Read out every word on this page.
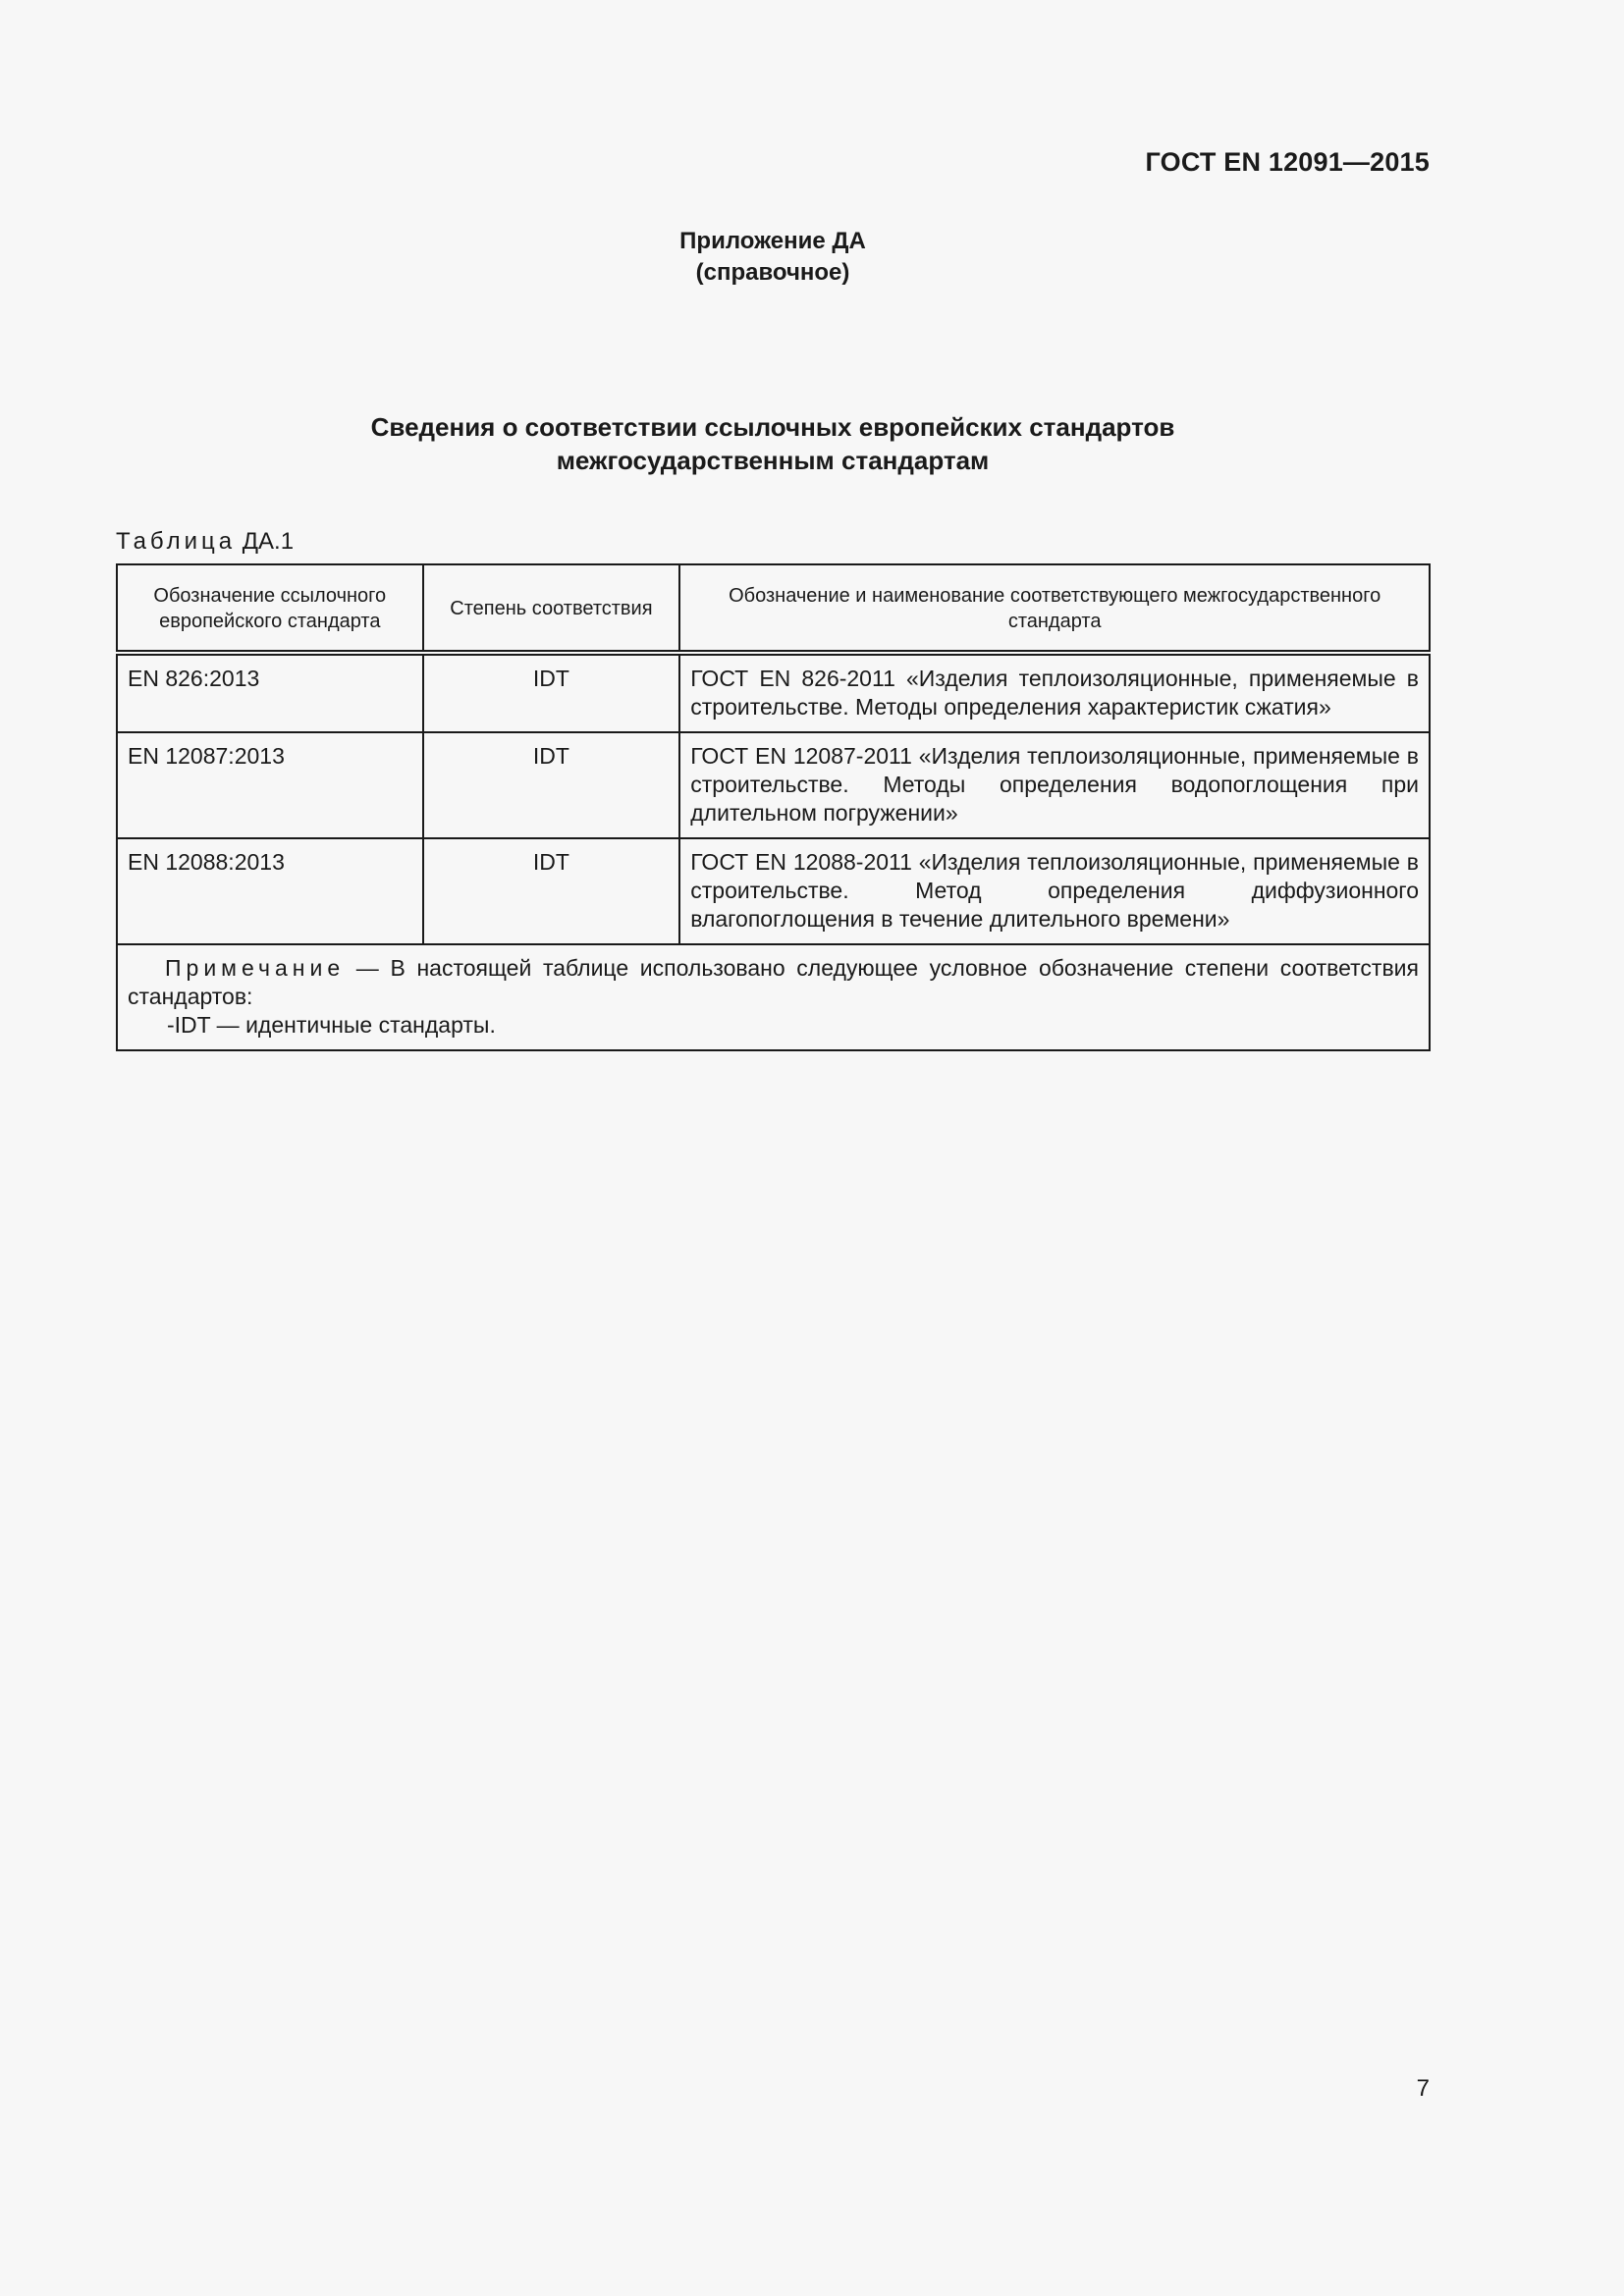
ГОСТ EN 12091—2015
Приложение ДА
(справочное)
Сведения о соответствии ссылочных европейских стандартов
межгосударственным стандартам
Таблица ДА.1
Обозначение ссылочного европейского стандарта	Степень соответствия	Обозначение и наименование соответствующего межгосударственного стандарта
EN 826:2013	IDT	ГОСТ EN 826-2011 «Изделия теплоизоляционные, применяемые в строительстве. Методы определения характеристик сжатия»
EN 12087:2013	IDT	ГОСТ EN 12087-2011 «Изделия теплоизоляционные, применяемые в строительстве. Методы определения водопоглощения при длительном погружении»
EN 12088:2013	IDT	ГОСТ EN 12088-2011 «Изделия теплоизоляционные, применяемые в строительстве. Метод определения диффузионного влагопоглощения в течение длительного времени»
Примечание — В настоящей таблице использовано следующее условное обозначение степени соответствия стандартов:
-IDT — идентичные стандарты.		
7
